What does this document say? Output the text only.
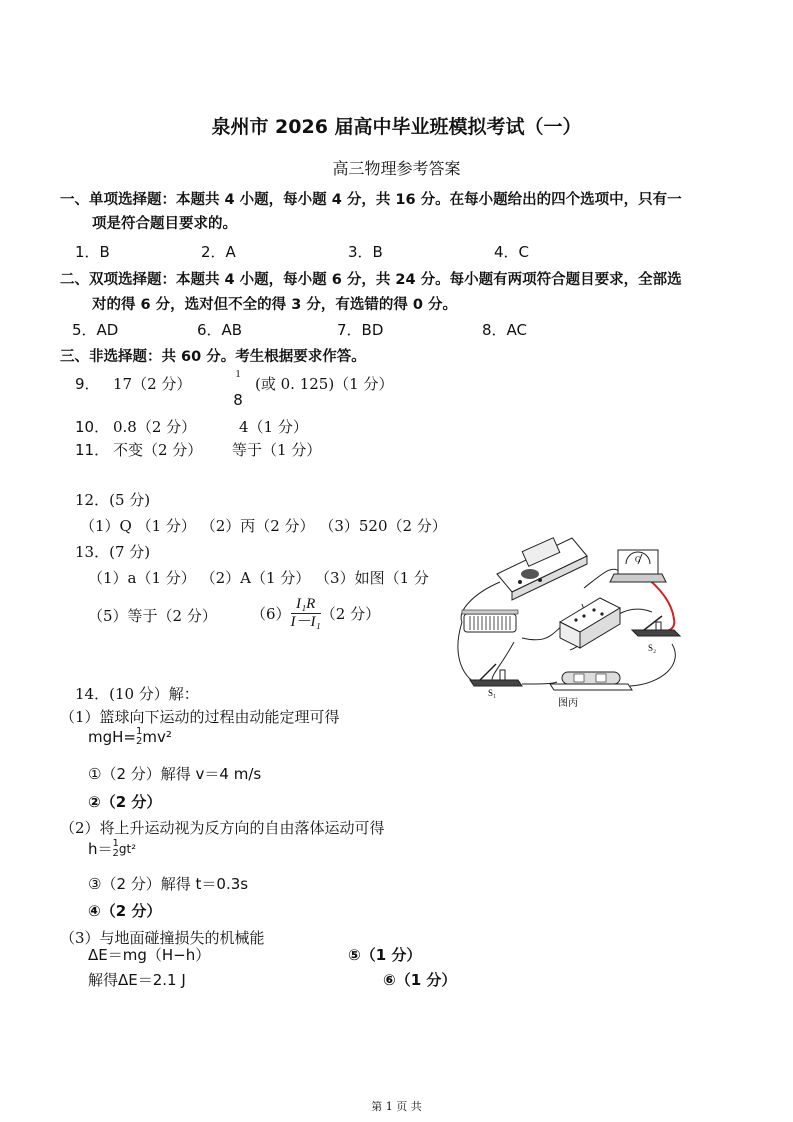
泉州市 2026 届高中毕业班模拟考试（一）
高三物理参考答案
一、单项选择题：本题共 4 小题，每小题 4 分，共 16 分。在每小题给出的四个选项中，只有一
项是符合题目要求的。
1．B	2．A	3．B	4．C
二、双项选择题：本题共 4 小题，每小题 6 分，共 24 分。每小题有两项符合题目要求，全部选
对的得 6 分，选对但不全的得 3 分，有选错的得 0 分。
5．AD	6．AB	7．BD	8．AC
三、非选择题：共 60 分。考生根据要求作答。
9． 17（2 分）
1
8
(或 0. 125)（1 分）
10． 0.8（2 分）	4（1 分）
11． 不变（2 分） 等于（1 分）
12．(5 分)
（1）Q （1 分） （2）丙（2 分） （3）520（2 分）
13．(7 分)
（1）a（1 分） （2）A（1 分） （3）如图（1 分
（5）等于（2 分） $(6) \frac{\text{I₁R}}{\text{I－I₁}} (2$ 分）
G
S₂
S₁
图丙
14．(10 分）解：
（1）篮球向下运动的过程由动能定理可得
mgH= 1
2 mv²
①（2 分）解得 v＝4 m/s
②（2 分）
（2）将上升运动视为反方向的自由落体运动可得
h＝ 1
2 gt²
③（2 分）解得 t＝0.3s
④（2 分）
（3）与地面碰撞损失的机械能
ΔE＝mg（H−h）	⑤（1 分）
解得ΔE＝2.1 J	⑥（1 分）
第 1 页 共
